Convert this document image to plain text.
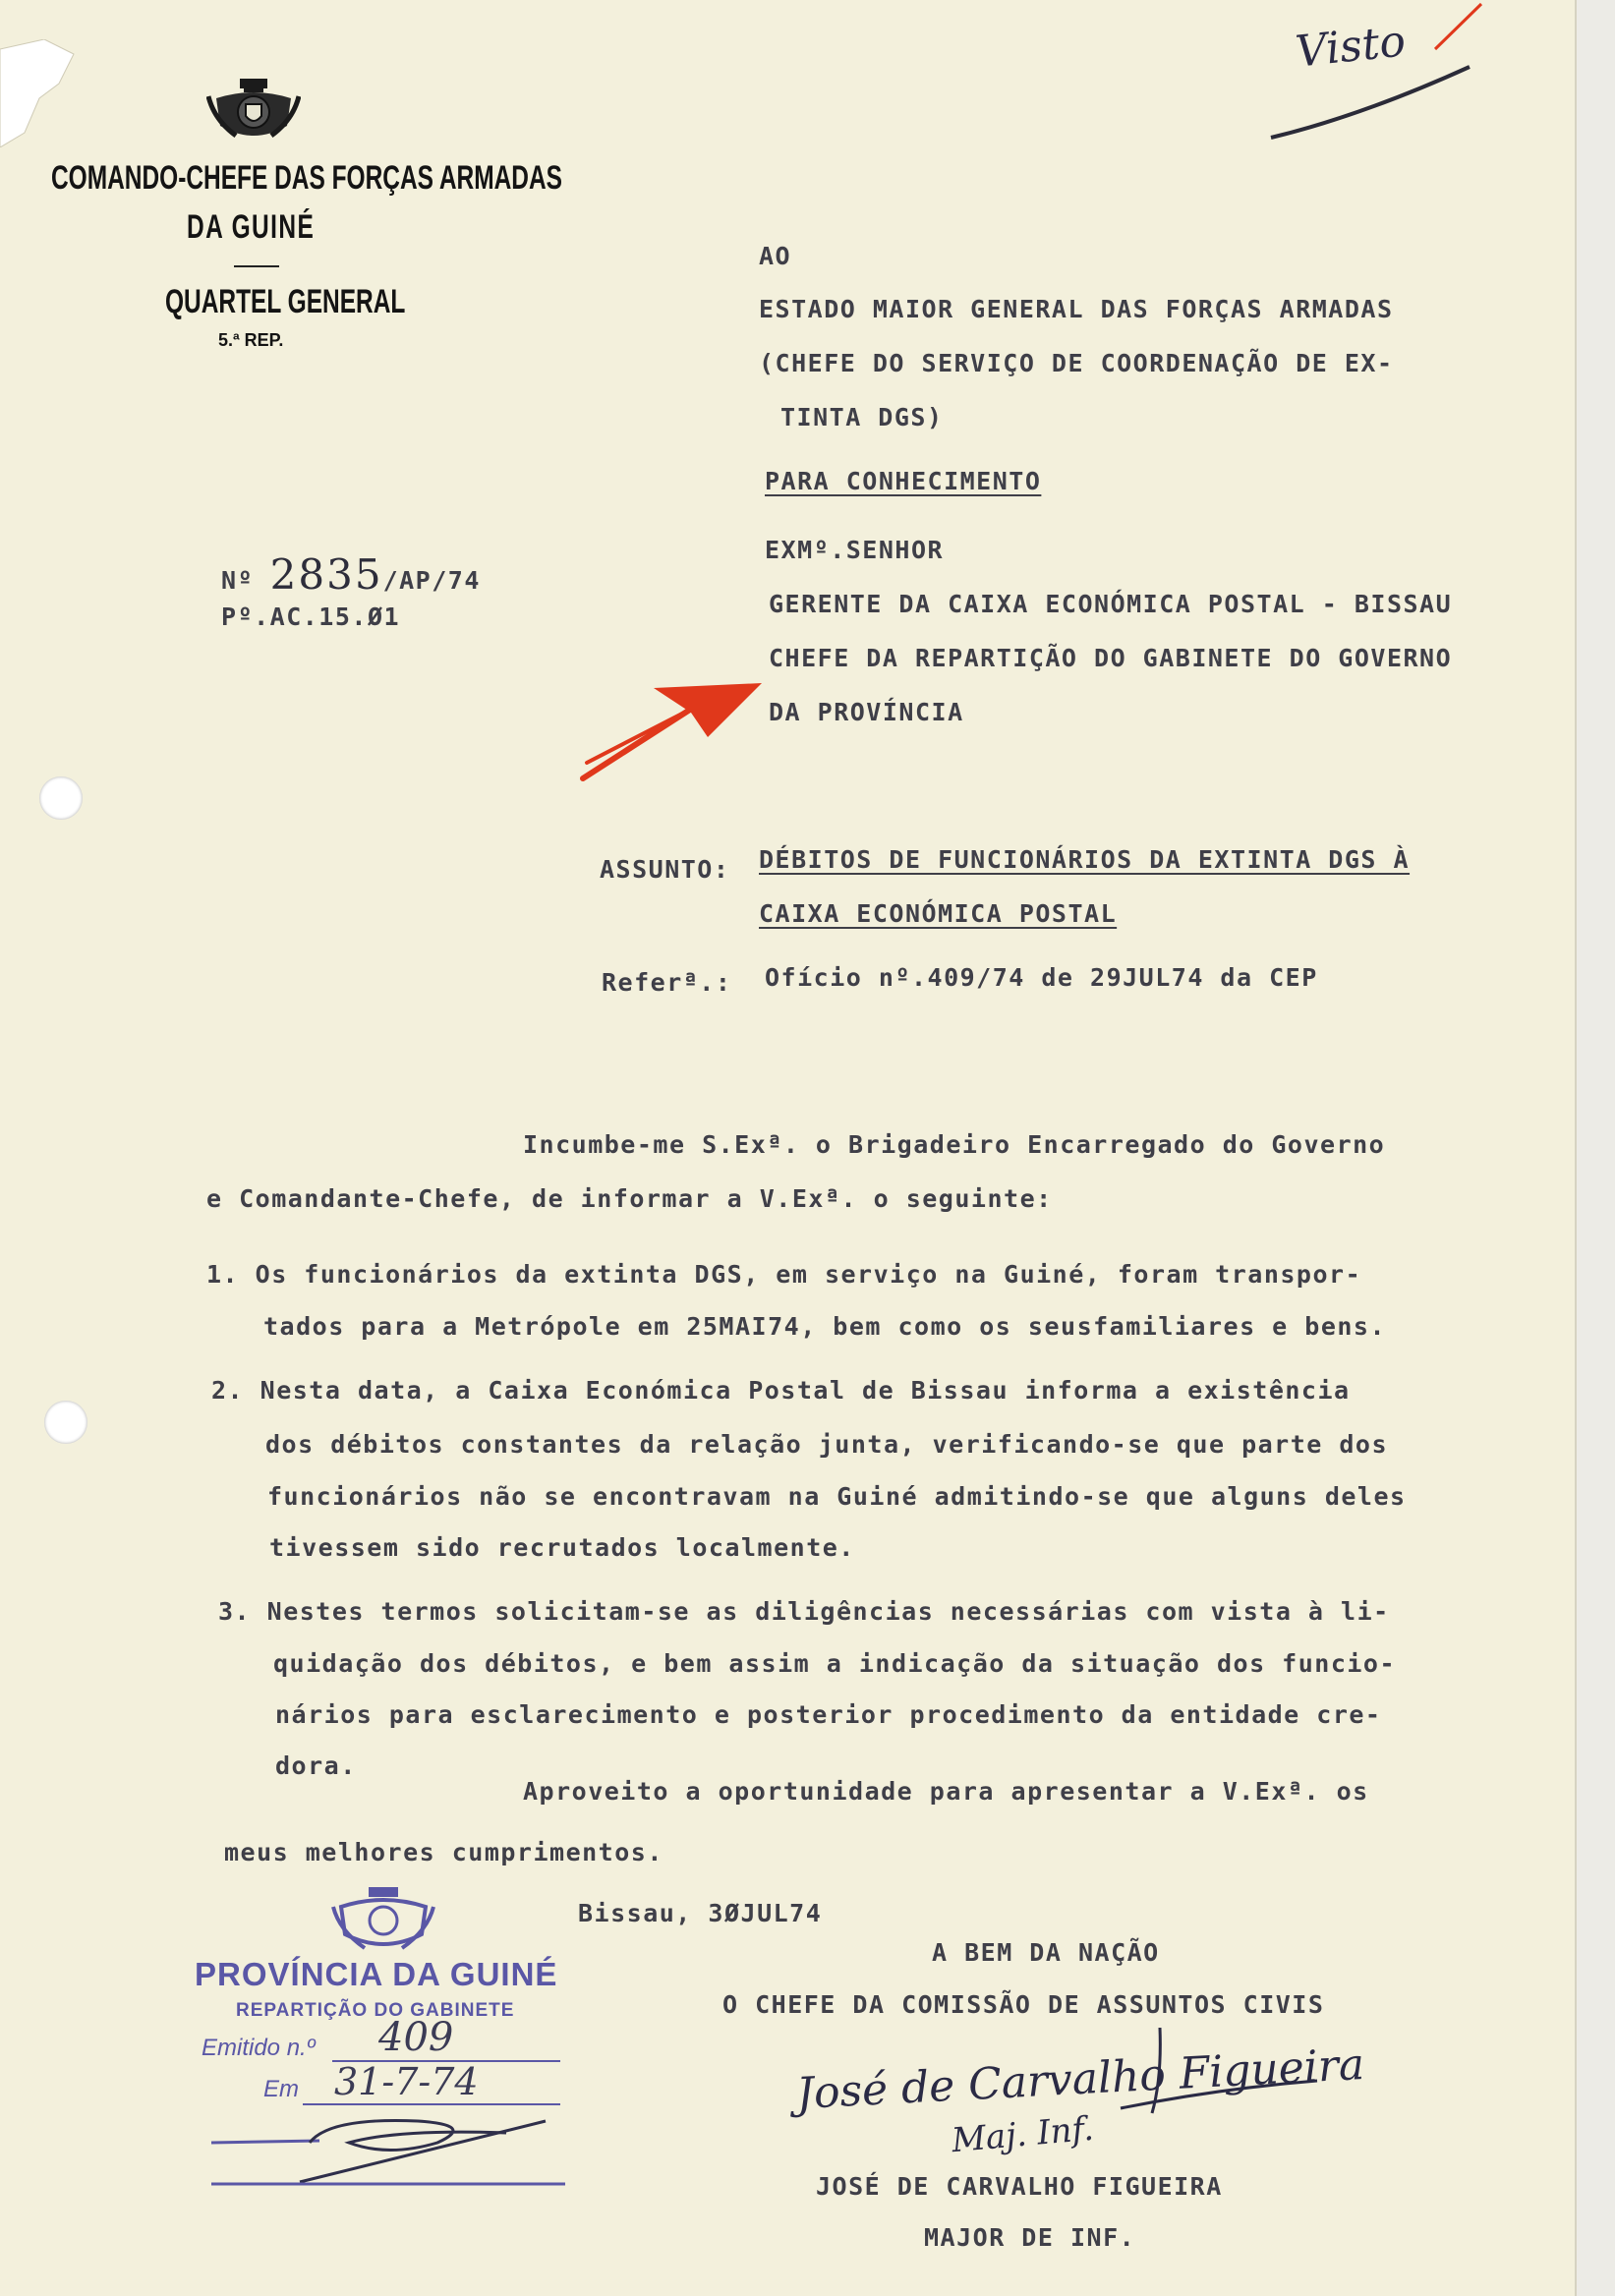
Visto
COMANDO-CHEFE DAS FORÇAS ARMADAS
DA GUINÉ
QUARTEL GENERAL
5.ª REP.
Nº 2835/AP/74
Pº.AC.15.Ø1
AO
ESTADO MAIOR GENERAL DAS FORÇAS ARMADAS
(CHEFE DO SERVIÇO DE COORDENAÇÃO DE EX-
TINTA DGS)
PARA CONHECIMENTO
EXMº.SENHOR
GERENTE DA CAIXA ECONÓMICA POSTAL - BISSAU
CHEFE DA REPARTIÇÃO DO GABINETE DO GOVERNO
DA PROVÍNCIA
ASSUNTO: DÉBITOS DE FUNCIONÁRIOS DA EXTINTA DGS À
CAIXA ECONÓMICA POSTAL
Referª.: Ofício nº.409/74 de 29JUL74 da CEP
Incumbe-me S.Exª. o Brigadeiro Encarregado do Governo
e Comandante-Chefe, de informar a V.Exª. o seguinte:
1. Os funcionários da extinta DGS, em serviço na Guiné, foram transpor-
tados para a Metrópole em 25MAI74, bem como os seusfamiliares e bens.
2. Nesta data, a Caixa Económica Postal de Bissau informa a existência
dos débitos constantes da relação junta, verificando-se que parte dos
funcionários não se encontravam na Guiné admitindo-se que alguns deles
tivessem sido recrutados localmente.
3. Nestes termos solicitam-se as diligências necessárias com vista à li-
quidação dos débitos, e bem assim a indicação da situação dos funcio-
nários para esclarecimento e posterior procedimento da entidade cre-
dora.
Aproveito a oportunidade para apresentar a V.Exª. os
meus melhores cumprimentos.
Bissau, 3ØJUL74
A BEM DA NAÇÃO
O CHEFE DA COMISSÃO DE ASSUNTOS CIVIS
José de Carvalho Figueira
Maj. Inf.
JOSÉ DE CARVALHO FIGUEIRA
MAJOR DE INF.
PROVÍNCIA DA GUINÉ
REPARTIÇÃO DO GABINETE
Emitido n.º 409
Em 31-7-74
